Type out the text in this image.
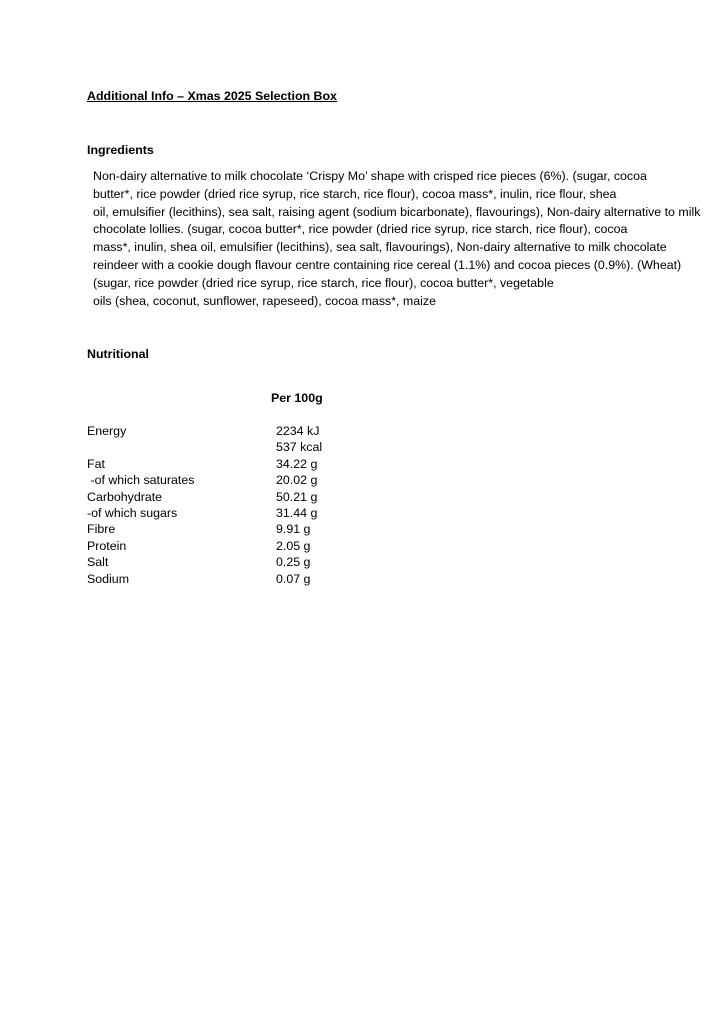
Additional Info – Xmas 2025 Selection Box
Ingredients
Non-dairy alternative to milk chocolate ‘Crispy Mo’ shape with crisped rice pieces (6%). (sugar, cocoa
butter*, rice powder (dried rice syrup, rice starch, rice flour), cocoa mass*, inulin, rice flour, shea
oil, emulsifier (lecithins), sea salt, raising agent (sodium bicarbonate), flavourings), Non-dairy alternative to milk
chocolate lollies. (sugar, cocoa butter*, rice powder (dried rice syrup, rice starch, rice flour), cocoa
mass*, inulin, shea oil, emulsifier (lecithins), sea salt, flavourings), Non-dairy alternative to milk chocolate
reindeer with a cookie dough flavour centre containing rice cereal (1.1%) and cocoa pieces (0.9%). (Wheat)
(sugar, rice powder (dried rice syrup, rice starch, rice flour), cocoa butter*, vegetable
oils (shea, coconut, sunflower, rapeseed), cocoa mass*, maize
Nutritional
Per 100g
Energy	2234 kJ
537 kcal
Fat	34.22 g
-of which saturates	20.02 g
Carbohydrate	50.21 g
-of which sugars	31.44 g
Fibre	9.91 g
Protein	2.05 g
Salt	0.25 g
Sodium	0.07 g
